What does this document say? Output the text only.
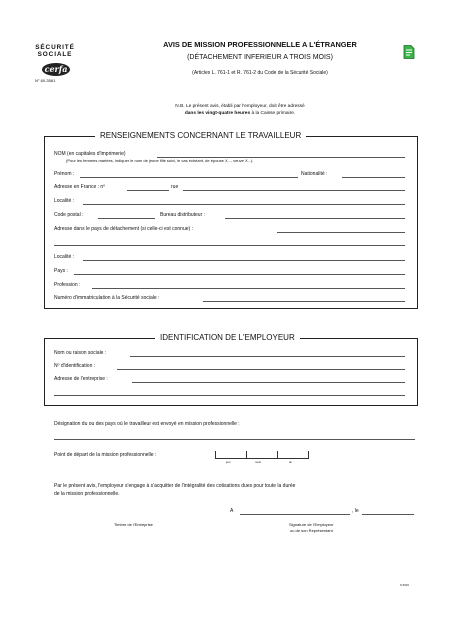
SÉCURITÉ
SOCIALE
cerfa
N° 60-3561
AVIS DE MISSION PROFESSIONNELLE A L'ÉTRANGER
(DÉTACHEMENT INFERIEUR A TROIS MOIS)
(Articles L. 761-1 et R. 761-2 du Code de la Sécurité Sociale)
N.B. Le présent avis, établi par l'employeur, doit être adressé
dans les vingt-quatre heures à la Caisse primaire.
RENSEIGNEMENTS CONCERNANT LE TRAVAILLEUR
NOM (en capitales d'imprimerie)
(Pour les femmes mariées, indiquer le nom de jeune fille suivi, le cas échéant, de épouse X..., veuve X...).
Prénom :	Nationalité :
Adresse en France : nº	rue
Localité :
Code postal :	Bureau distributeur :
Adresse dans le pays de détachement (si celle-ci est connue) :
Localité :
Pays :
Profession :
Numéro d'immatriculation à la Sécurité sociale :
IDENTIFICATION DE L'EMPLOYEUR
Nom ou raison sociale :
Nº d'identification :
Adresse de l'entreprise :
Désignation du ou des pays où le travailleur est envoyé en mission professionnelle :
Point de départ de la mission professionnelle :
jour	mois	an
Par le présent avis, l'employeur s'engage à s'acquitter de l'intégralité des cotisations dues pour toute la durée
de la mission professionnelle.
A	, le
Timbre de l'Entreprise	Signature de l'Employeur
ou de son Représentant
S 5003
